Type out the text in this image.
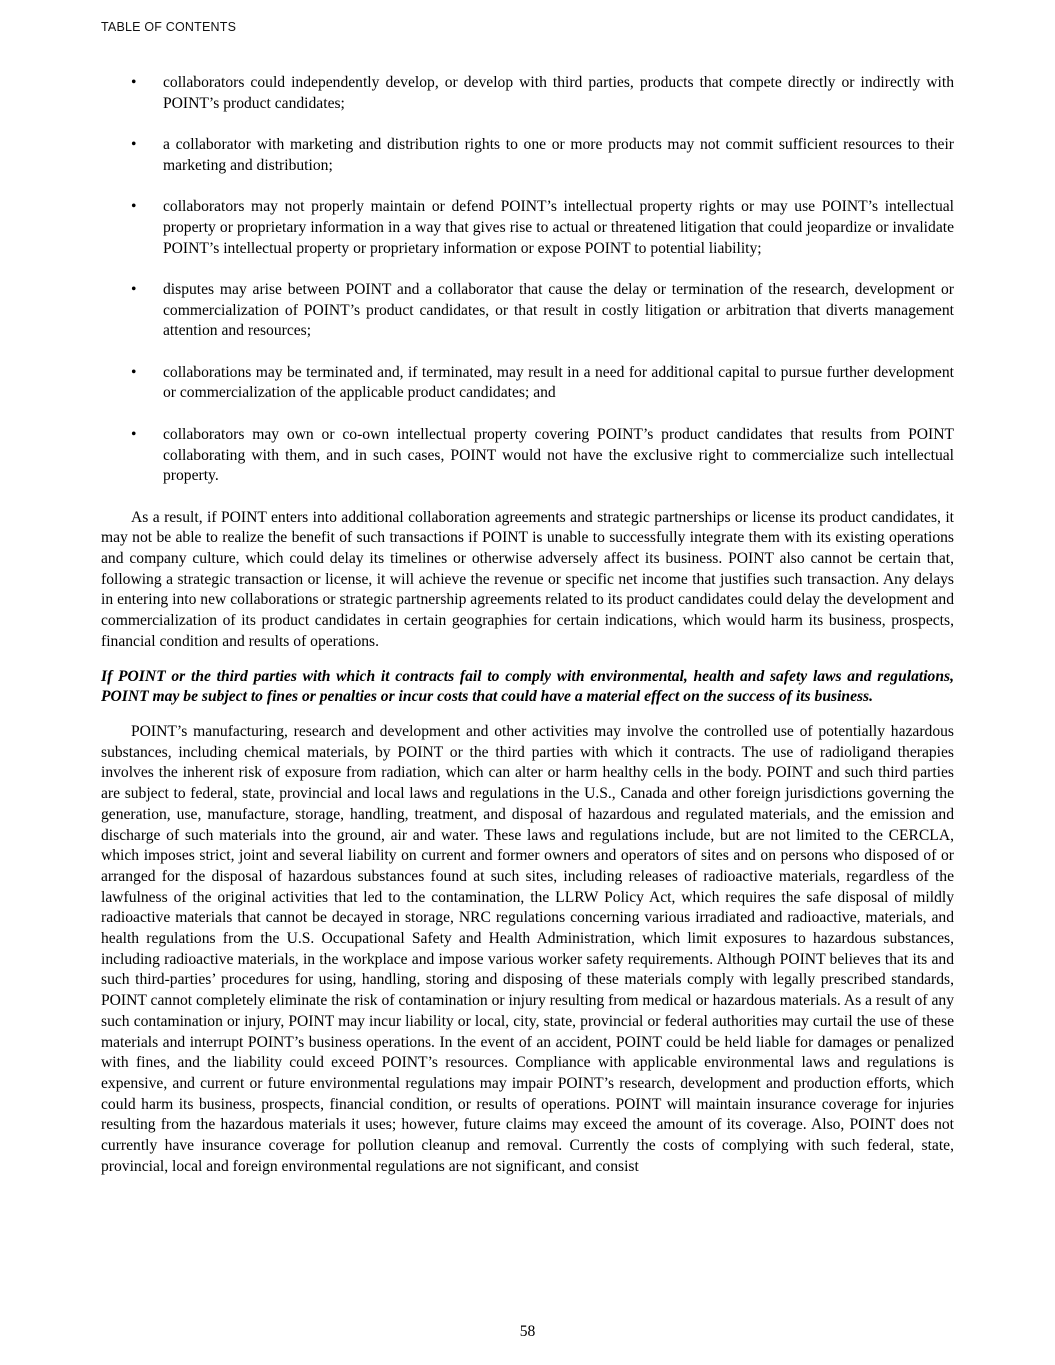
TABLE OF CONTENTS
• collaborators could independently develop, or develop with third parties, products that compete directly or indirectly with POINT’s product candidates;
• a collaborator with marketing and distribution rights to one or more products may not commit sufficient resources to their marketing and distribution;
• collaborators may not properly maintain or defend POINT’s intellectual property rights or may use POINT’s intellectual property or proprietary information in a way that gives rise to actual or threatened litigation that could jeopardize or invalidate POINT’s intellectual property or proprietary information or expose POINT to potential liability;
• disputes may arise between POINT and a collaborator that cause the delay or termination of the research, development or commercialization of POINT’s product candidates, or that result in costly litigation or arbitration that diverts management attention and resources;
• collaborations may be terminated and, if terminated, may result in a need for additional capital to pursue further development or commercialization of the applicable product candidates; and
• collaborators may own or co-own intellectual property covering POINT’s product candidates that results from POINT collaborating with them, and in such cases, POINT would not have the exclusive right to commercialize such intellectual property.

As a result, if POINT enters into additional collaboration agreements and strategic partnerships or license its product candidates, it may not be able to realize the benefit of such transactions if POINT is unable to successfully integrate them with its existing operations and company culture, which could delay its timelines or otherwise adversely affect its business. POINT also cannot be certain that, following a strategic transaction or license, it will achieve the revenue or specific net income that justifies such transaction. Any delays in entering into new collaborations or strategic partnership agreements related to its product candidates could delay the development and commercialization of its product candidates in certain geographies for certain indications, which would harm its business, prospects, financial condition and results of operations.

If POINT or the third parties with which it contracts fail to comply with environmental, health and safety laws and regulations, POINT may be subject to fines or penalties or incur costs that could have a material effect on the success of its business.

POINT’s manufacturing, research and development and other activities may involve the controlled use of potentially hazardous substances, including chemical materials, by POINT or the third parties with which it contracts. The use of radioligand therapies involves the inherent risk of exposure from radiation, which can alter or harm healthy cells in the body. POINT and such third parties are subject to federal, state, provincial and local laws and regulations in the U.S., Canada and other foreign jurisdictions governing the generation, use, manufacture, storage, handling, treatment, and disposal of hazardous and regulated materials, and the emission and discharge of such materials into the ground, air and water. These laws and regulations include, but are not limited to the CERCLA, which imposes strict, joint and several liability on current and former owners and operators of sites and on persons who disposed of or arranged for the disposal of hazardous substances found at such sites, including releases of radioactive materials, regardless of the lawfulness of the original activities that led to the contamination, the LLRW Policy Act, which requires the safe disposal of mildly radioactive materials that cannot be decayed in storage, NRC regulations concerning various irradiated and radioactive, materials, and health regulations from the U.S. Occupational Safety and Health Administration, which limit exposures to hazardous substances, including radioactive materials, in the workplace and impose various worker safety requirements. Although POINT believes that its and such third-parties’ procedures for using, handling, storing and disposing of these materials comply with legally prescribed standards, POINT cannot completely eliminate the risk of contamination or injury resulting from medical or hazardous materials. As a result of any such contamination or injury, POINT may incur liability or local, city, state, provincial or federal authorities may curtail the use of these materials and interrupt POINT’s business operations. In the event of an accident, POINT could be held liable for damages or penalized with fines, and the liability could exceed POINT’s resources. Compliance with applicable environmental laws and regulations is expensive, and current or future environmental regulations may impair POINT’s research, development and production efforts, which could harm its business, prospects, financial condition, or results of operations. POINT will maintain insurance coverage for injuries resulting from the hazardous materials it uses; however, future claims may exceed the amount of its coverage. Also, POINT does not currently have insurance coverage for pollution cleanup and removal. Currently the costs of complying with such federal, state, provincial, local and foreign environmental regulations are not significant, and consist

58
